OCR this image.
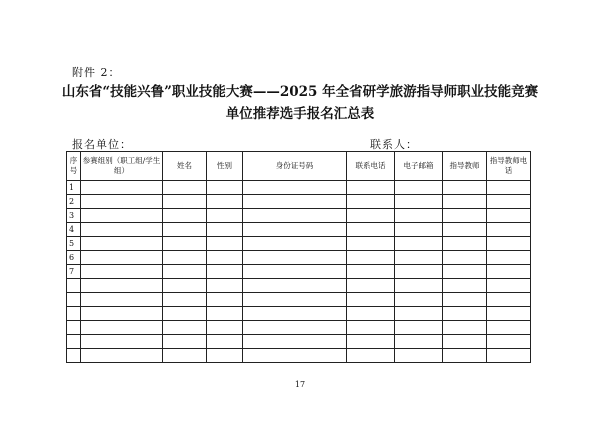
附件 2：
山东省“技能兴鲁”职业技能大赛——2025 年全省研学旅游指导师职业技能竞赛
单位推荐选手报名汇总表
报名单位：	联系人：
序号	参赛组别（职工组/学生组）	姓名	性别	身份证号码	联系电话	电子邮箱	指导教师	指导教师电话
1								
2								
3								
4								
5								
6								
7								

17
